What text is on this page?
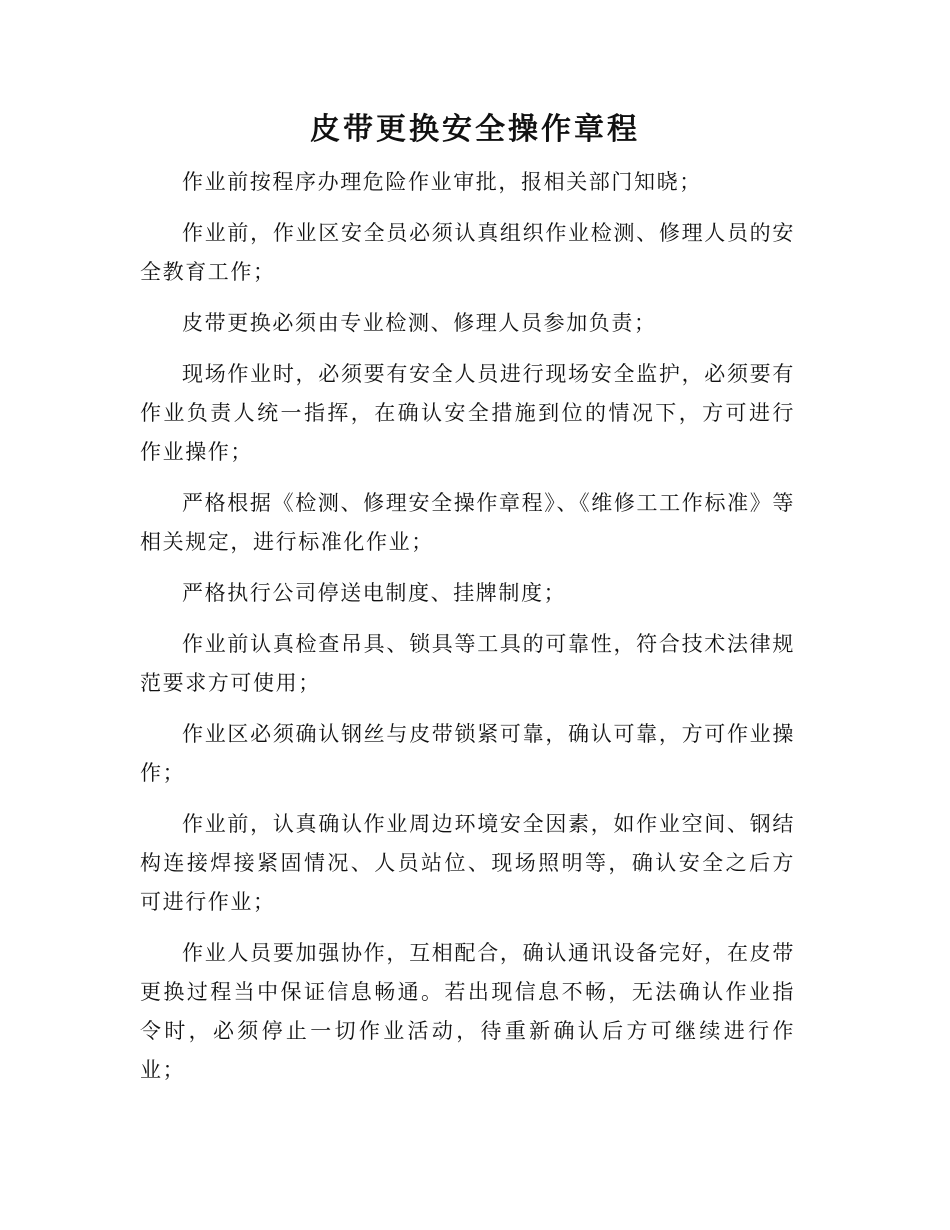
皮带更换安全操作章程

作业前按程序办理危险作业审批，报相关部门知晓；

作业前，作业区安全员必须认真组织作业检测、修理人员的安全教育工作；

皮带更换必须由专业检测、修理人员参加负责；

现场作业时，必须要有安全人员进行现场安全监护，必须要有作业负责人统一指挥，在确认安全措施到位的情况下，方可进行作业操作；

严格根据《检测、修理安全操作章程》、《维修工工作标准》等相关规定，进行标准化作业；

严格执行公司停送电制度、挂牌制度；

作业前认真检查吊具、锁具等工具的可靠性，符合技术法律规范要求方可使用；

作业区必须确认钢丝与皮带锁紧可靠，确认可靠，方可作业操作；

作业前，认真确认作业周边环境安全因素，如作业空间、钢结构连接焊接紧固情况、人员站位、现场照明等，确认安全之后方可进行作业；

作业人员要加强协作，互相配合，确认通讯设备完好，在皮带更换过程当中保证信息畅通。若出现信息不畅，无法确认作业指令时，必须停止一切作业活动，待重新确认后方可继续进行作业；
